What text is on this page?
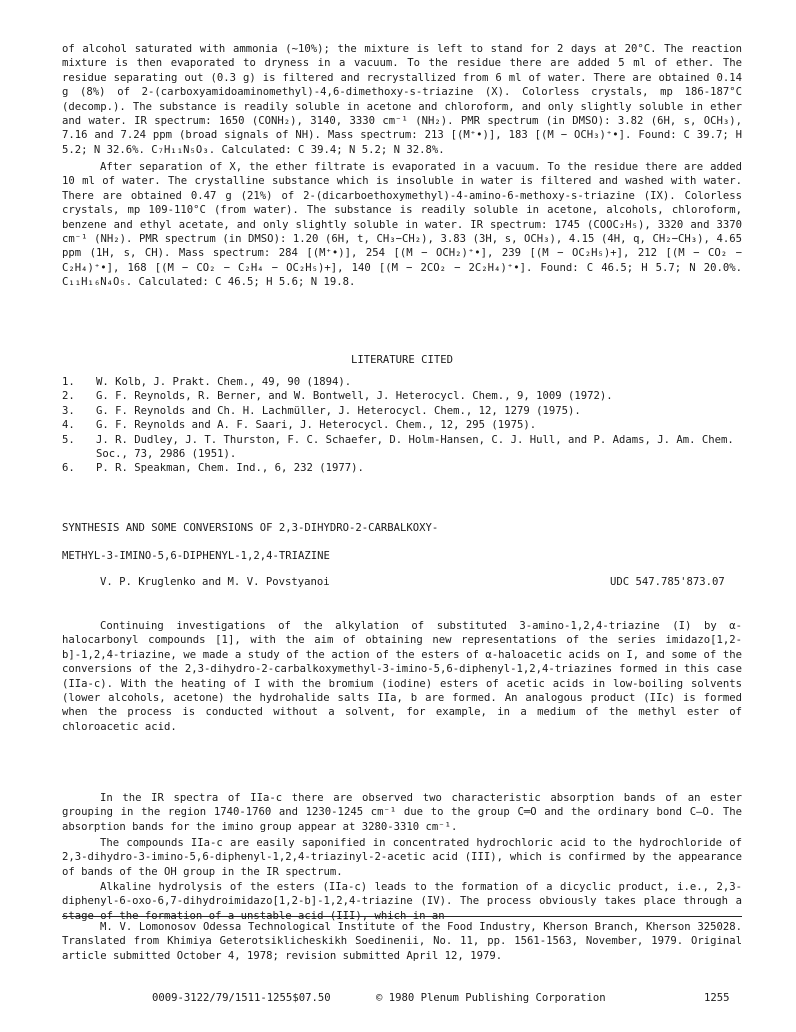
of alcohol saturated with ammonia (~10%); the mixture is left to stand for 2 days at 20°C. The reaction mixture is then evaporated to dryness in a vacuum. To the residue there are added 5 ml of ether. The residue separating out (0.3 g) is filtered and recrystallized from 6 ml of water. There are obtained 0.14 g (8%) of 2-(carboxyamidoaminomethyl)-4,6-dimethoxy-s-triazine (X). Colorless crystals, mp 186-187°C (decomp.). The substance is readily soluble in acetone and chloroform, and only slightly soluble in ether and water. IR spectrum: 1650 (CONH₂), 3140, 3330 cm⁻¹ (NH₂). PMR spectrum (in DMSO): 3.82 (6H, s, OCH₃), 7.16 and 7.24 ppm (broad signals of NH). Mass spectrum: 213 [(M⁺•)], 183 [(M − OCH₃)⁺•]. Found: C 39.7; H 5.2; N 32.6%. C₇H₁₁N₅O₃. Calculated: C 39.4; N 5.2; N 32.8%.

After separation of X, the ether filtrate is evaporated in a vacuum. To the residue there are added 10 ml of water. The crystalline substance which is insoluble in water is filtered and washed with water. There are obtained 0.47 g (21%) of 2-(dicarboethoxymethyl)-4-amino-6-methoxy-s-triazine (IX). Colorless crystals, mp 109-110°C (from water). The substance is readily soluble in acetone, alcohols, chloroform, benzene and ethyl acetate, and only slightly soluble in water. IR spectrum: 1745 (COOC₂H₅), 3320 and 3370 cm⁻¹ (NH₂). PMR spectrum (in DMSO): 1.20 (6H, t, CH₃−CH₂), 3.83 (3H, s, OCH₃), 4.15 (4H, q, CH₂−CH₃), 4.65 ppm (1H, s, CH). Mass spectrum: 284 [(M⁺•)], 254 [(M − OCH₂)⁺•], 239 [(M − OC₂H₅)+], 212 [(M − CO₂ − C₂H₄)⁺•], 168 [(M − CO₂ − C₂H₄ − OC₂H₅)+], 140 [(M − 2CO₂ − 2C₂H₄)⁺•]. Found: C 46.5; H 5.7; N 20.0%. C₁₁H₁₆N₄O₅. Calculated: C 46.5; H 5.6; N 19.8.

LITERATURE CITED
1. W. Kolb, J. Prakt. Chem., 49, 90 (1894).
2. G. F. Reynolds, R. Berner, and W. Bontwell, J. Heterocycl. Chem., 9, 1009 (1972).
3. G. F. Reynolds and Ch. H. Lachmüller, J. Heterocycl. Chem., 12, 1279 (1975).
4. G. F. Reynolds and A. F. Saari, J. Heterocycl. Chem., 12, 295 (1975).
5. J. R. Dudley, J. T. Thurston, F. C. Schaefer, D. Holm-Hansen, C. J. Hull, and P. Adams, J. Am. Chem. Soc., 73, 2986 (1951).
6. P. R. Speakman, Chem. Ind., 6, 232 (1977).
SYNTHESIS AND SOME CONVERSIONS OF 2,3-DIHYDRO-2-CARBALKOXY-
METHYL-3-IMINO-5,6-DIPHENYL-1,2,4-TRIAZINE
V. P. Kruglenko and M. V. Povstyanoi	UDC 547.785'873.07

Continuing investigations of the alkylation of substituted 3-amino-1,2,4-triazine (I) by α-halocarbonyl compounds [1], with the aim of obtaining new representations of the series imidazo[1,2-b]-1,2,4-triazine, we made a study of the action of the esters of α-haloacetic acids on I, and some of the conversions of the 2,3-dihydro-2-carbalkoxymethyl-3-imino-5,6-diphenyl-1,2,4-triazines formed in this case (IIa-c). With the heating of I with the bromium (iodine) esters of acetic acids in low-boiling solvents (lower alcohols, acetone) the hydrohalide salts IIa, b are formed. An analogous product (IIc) is formed when the process is conducted without a solvent, for example, in a medium of the methyl ester of chloroacetic acid.

In the IR spectra of IIa-c there are observed two characteristic absorption bands of an ester grouping in the region 1740-1760 and 1230-1245 cm⁻¹ due to the group C═O and the ordinary bond C—O. The absorption bands for the imino group appear at 3280-3310 cm⁻¹.

The compounds IIa-c are easily saponified in concentrated hydrochloric acid to the hydrochloride of 2,3-dihydro-3-imino-5,6-diphenyl-1,2,4-triazinyl-2-acetic acid (III), which is confirmed by the appearance of bands of the OH group in the IR spectrum.

Alkaline hydrolysis of the esters (IIa-c) leads to the formation of a dicyclic product, i.e., 2,3-diphenyl-6-oxo-6,7-dihydroimidazo[1,2-b]-1,2,4-triazine (IV). The process obviously takes place through a stage of the formation of a unstable acid (III), which in an

M. V. Lomonosov Odessa Technological Institute of the Food Industry, Kherson Branch, Kherson 325028. Translated from Khimiya Geterotsiklicheskikh Soedinenii, No. 11, pp. 1561-1563, November, 1979. Original article submitted October 4, 1978; revision submitted April 12, 1979.

0009-3122/79/1511-1255$07.50	© 1980 Plenum Publishing Corporation	1255
